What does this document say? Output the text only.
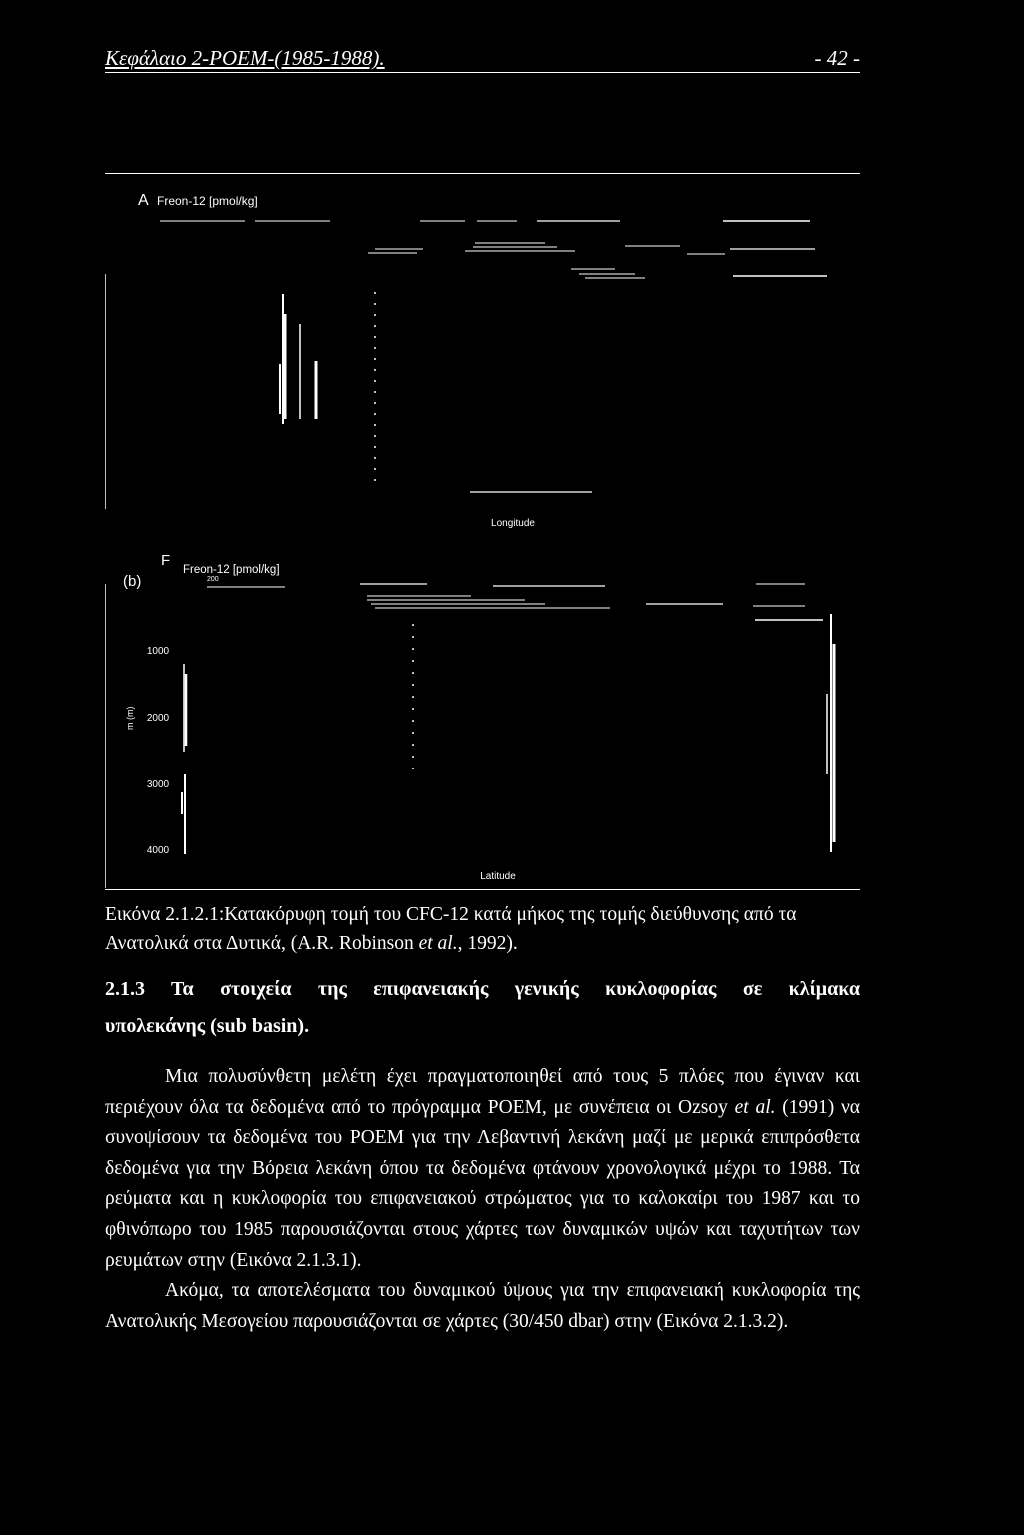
Κεφάλαιο 2-POEM-(1985-1988).	- 42 -
A Freon-12 [pmol/kg]
Longitude
(b)
F
Freon-12 [pmol/kg]
200
m (m)
1000
2000
3000
4000
Latitude
Εικόνα 2.1.2.1:Κατακόρυφη τομή του CFC-12 κατά μήκος της τομής διεύθυνσης από τα Ανατολικά στα Δυτικά, (A.R. Robinson et al., 1992).
2.1.3 Τα στοιχεία της επιφανειακής γενικής κυκλοφορίας σε κλίμακα
υπολεκάνης (sub basin).

Μια πολυσύνθετη μελέτη έχει πραγματοποιηθεί από τους 5 πλόες που έγιναν και περιέχουν όλα τα δεδομένα από το πρόγραμμα POEM, με συνέπεια οι Ozsoy et al. (1991) να συνοψίσουν τα δεδομένα του POEM για την Λεβαντινή λεκάνη μαζί με μερικά επιπρόσθετα δεδομένα για την Βόρεια λεκάνη όπου τα δεδομένα φτάνουν χρονολογικά μέχρι το 1988. Τα ρεύματα και η κυκλοφορία του επιφανειακού στρώματος για το καλοκαίρι του 1987 και το φθινόπωρο του 1985 παρουσιάζονται στους χάρτες των δυναμικών υψών και ταχυτήτων των ρευμάτων στην (Εικόνα 2.1.3.1).

Ακόμα, τα αποτελέσματα του δυναμικού ύψους για την επιφανειακή κυκλοφορία της Ανατολικής Μεσογείου παρουσιάζονται σε χάρτες (30/450 dbar) στην (Εικόνα 2.1.3.2).
